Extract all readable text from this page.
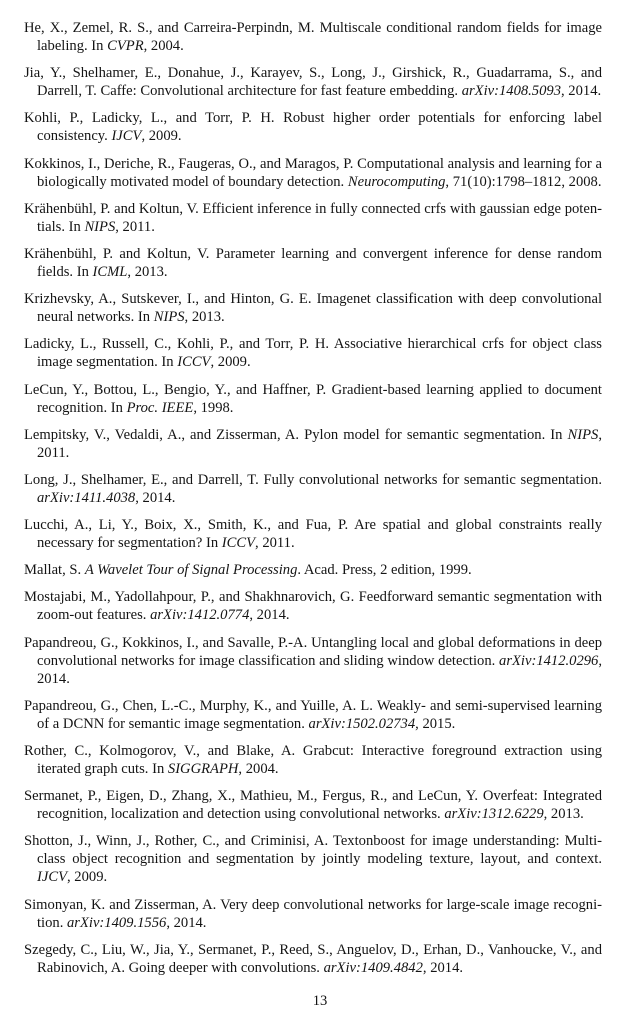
He, X., Zemel, R. S., and Carreira-Perpindn, M. Multiscale conditional random fields for image labeling. In CVPR, 2004.
Jia, Y., Shelhamer, E., Donahue, J., Karayev, S., Long, J., Girshick, R., Guadarrama, S., and Darrell, T. Caffe: Convolutional architecture for fast feature embedding. arXiv:1408.5093, 2014.
Kohli, P., Ladicky, L., and Torr, P. H. Robust higher order potentials for enforcing label consistency. IJCV, 2009.
Kokkinos, I., Deriche, R., Faugeras, O., and Maragos, P. Computational analysis and learning for a biologically motivated model of boundary detection. Neurocomputing, 71(10):1798–1812, 2008.
Krähenbühl, P. and Koltun, V. Efficient inference in fully connected crfs with gaussian edge potentials. In NIPS, 2011.
Krähenbühl, P. and Koltun, V. Parameter learning and convergent inference for dense random fields. In ICML, 2013.
Krizhevsky, A., Sutskever, I., and Hinton, G. E. Imagenet classification with deep convolutional neural networks. In NIPS, 2013.
Ladicky, L., Russell, C., Kohli, P., and Torr, P. H. Associative hierarchical crfs for object class image segmentation. In ICCV, 2009.
LeCun, Y., Bottou, L., Bengio, Y., and Haffner, P. Gradient-based learning applied to document recognition. In Proc. IEEE, 1998.
Lempitsky, V., Vedaldi, A., and Zisserman, A. Pylon model for semantic segmentation. In NIPS, 2011.
Long, J., Shelhamer, E., and Darrell, T. Fully convolutional networks for semantic segmentation. arXiv:1411.4038, 2014.
Lucchi, A., Li, Y., Boix, X., Smith, K., and Fua, P. Are spatial and global constraints really necessary for segmentation? In ICCV, 2011.
Mallat, S. A Wavelet Tour of Signal Processing. Acad. Press, 2 edition, 1999.
Mostajabi, M., Yadollahpour, P., and Shakhnarovich, G. Feedforward semantic segmentation with zoom-out features. arXiv:1412.0774, 2014.
Papandreou, G., Kokkinos, I., and Savalle, P.-A. Untangling local and global deformations in deep convolutional networks for image classification and sliding window detection. arXiv:1412.0296, 2014.
Papandreou, G., Chen, L.-C., Murphy, K., and Yuille, A. L. Weakly- and semi-supervised learning of a DCNN for semantic image segmentation. arXiv:1502.02734, 2015.
Rother, C., Kolmogorov, V., and Blake, A. Grabcut: Interactive foreground extraction using iterated graph cuts. In SIGGRAPH, 2004.
Sermanet, P., Eigen, D., Zhang, X., Mathieu, M., Fergus, R., and LeCun, Y. Overfeat: Integrated recognition, localization and detection using convolutional networks. arXiv:1312.6229, 2013.
Shotton, J., Winn, J., Rother, C., and Criminisi, A. Textonboost for image understanding: Multiclass object recognition and segmentation by jointly modeling texture, layout, and context. IJCV, 2009.
Simonyan, K. and Zisserman, A. Very deep convolutional networks for large-scale image recognition. arXiv:1409.1556, 2014.
Szegedy, C., Liu, W., Jia, Y., Sermanet, P., Reed, S., Anguelov, D., Erhan, D., Vanhoucke, V., and Rabinovich, A. Going deeper with convolutions. arXiv:1409.4842, 2014.
13
